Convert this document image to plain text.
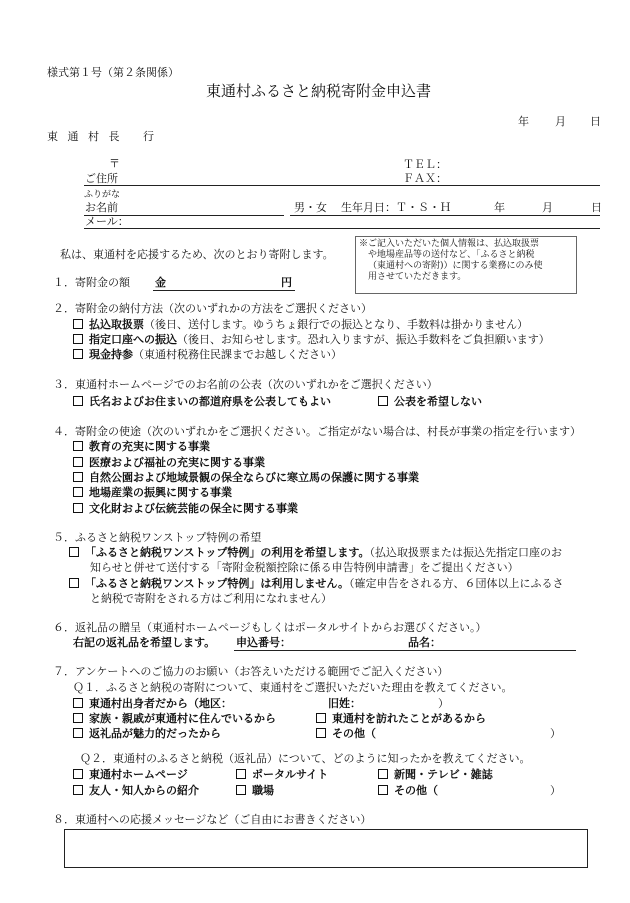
様式第１号（第２条関係）
東通村ふるさと納税寄附金申込書
年 月 日
東 通 村 長　 行
〒	ＴＥＬ：
ご住所	ＦＡＸ：
ふりがな
お名前	男・女 生年月日：Ｔ・Ｓ・Ｈ	年	月	日
メール：
私は、東通村を応援するため、次のとおり寄附します。
※ご記入いただいた個人情報は、払込取扱票
や地場産品等の送付など、「ふるさと納税
（東通村への寄附)）に関する業務にのみ使
用させていただきます。
１．寄附金の額 金	円
２．寄附金の納付方法（次のいずれかの方法をご選択ください）
払込取扱票（後日、送付します。ゆうちょ銀行での振込となり、手数料は掛かりません）
指定口座への振込（後日、お知らせします。恐れ入りますが、振込手数料をご負担願います）
現金持参（東通村税務住民課までお越しください）
３．東通村ホームページでのお名前の公表（次のいずれかをご選択ください）
氏名およびお住まいの都道府県を公表してもよい	公表を希望しない
４．寄附金の使途（次のいずれかをご選択ください。ご指定がない場合は、村長が事業の指定を行います）
教育の充実に関する事業
医療および福祉の充実に関する事業
自然公園および地域景観の保全ならびに寒立馬の保護に関する事業
地場産業の振興に関する事業
文化財および伝統芸能の保全に関する事業
５．ふるさと納税ワンストップ特例の希望
「ふるさと納税ワンストップ特例」の利用を希望します。（払込取扱票または振込先指定口座のお
知らせと併せて送付する「寄附金税額控除に係る申告特例申請書」をご提出ください）
「ふるさと納税ワンストップ特例」は利用しません。（確定申告をされる方、６団体以上にふるさ
と納税で寄附をされる方はご利用になれません）
６．返礼品の贈呈（東通村ホームページもしくはポータルサイトからお選びください。）
右記の返礼品を希望します。 申込番号：	品名：
７．アンケートへのご協力のお願い（お答えいただける範囲でご記入ください）
Ｑ１．ふるさと納税の寄附について、東通村をご選択いただいた理由を教えてください。
東通村出身者だから（地区：	旧姓：	）
家族・親戚が東通村に住んでいるから	東通村を訪れたことがあるから
返礼品が魅力的だったから	その他（	）
Ｑ２．東通村のふるさと納税（返礼品）について、どのように知ったかを教えてください。
東通村ホームページ	ポータルサイト	新聞・テレビ・雑誌
友人・知人からの紹介	職場	その他（	）
８．東通村への応援メッセージなど（ご自由にお書きください）
